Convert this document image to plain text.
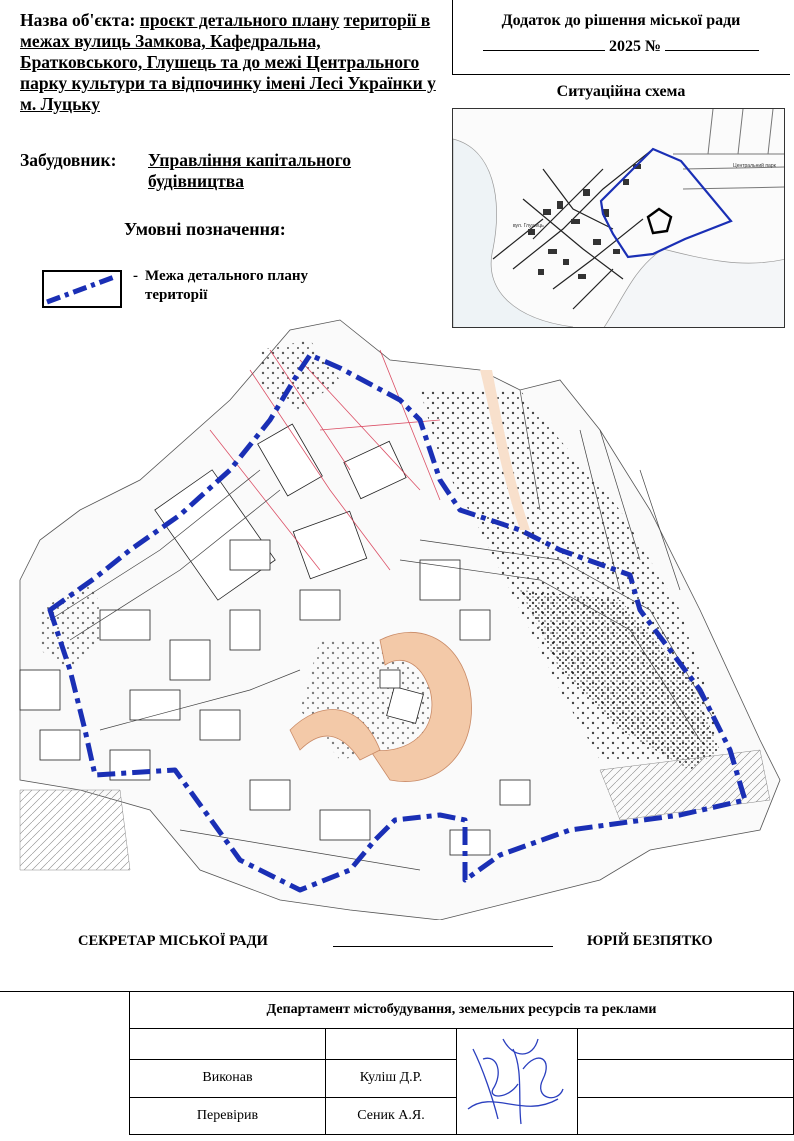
Назва об'єкта: проєкт детального плану території в межах вулиць Замкова, Кафедральна, Братковського, Глушець та до межі Центрального парку культури та відпочинку імені Лесі Українки у м. Луцьку
Забудовник: Управління капітального будівництва
Умовні позначення:
- Межа детального плану території
Додаток до рішення міської ради
2025 №
Ситуаційна схема
Центральний парк
вул. Глушець
СЕКРЕТАР МІСЬКОЇ РАДИ	ЮРІЙ БЕЗПЯТКО
Департамент містобудування, земельних ресурсів та реклами			

Виконав	Куліш Д.Р.		
Перевірив	Сеник А.Я.		
